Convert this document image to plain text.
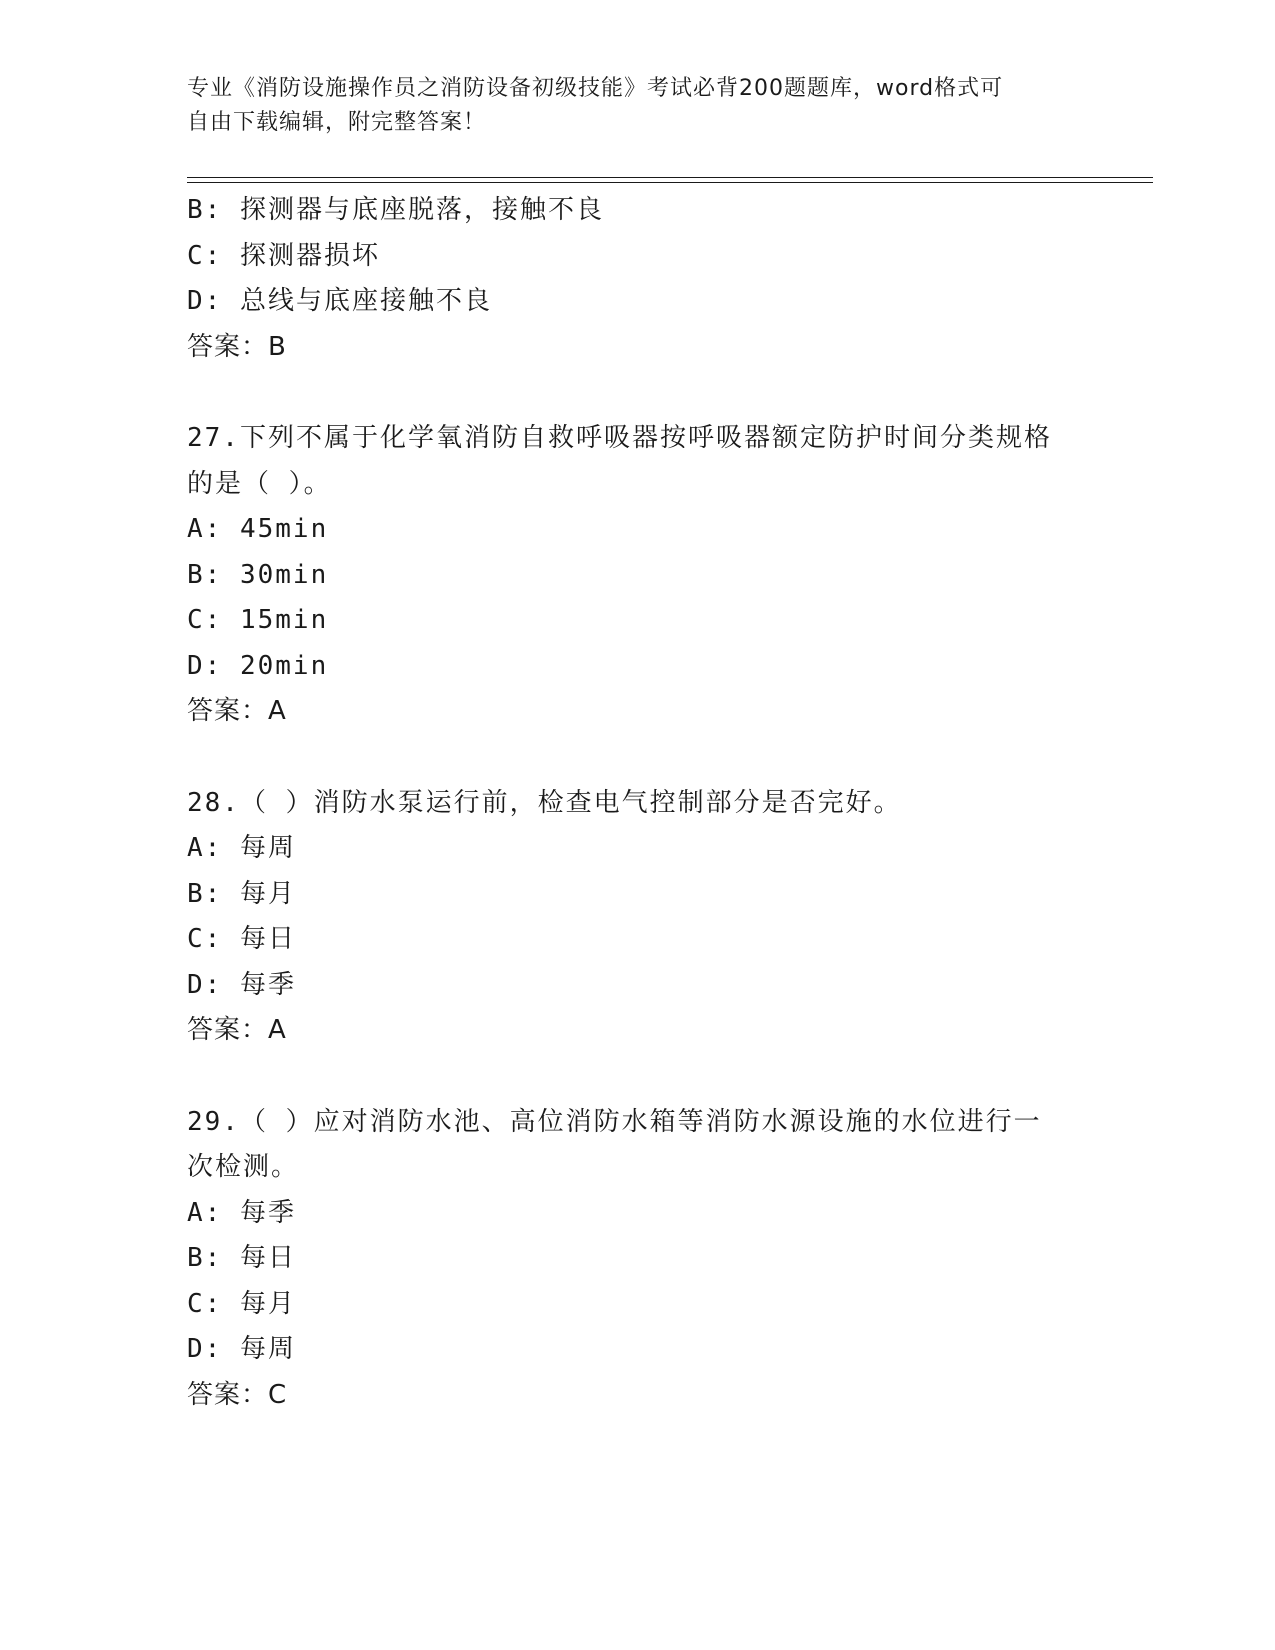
专业《消防设施操作员之消防设备初级技能》考试必背200题题库，word格式可
自由下载编辑，附完整答案！
B: 探测器与底座脱落，接触不良
C: 探测器损坏
D: 总线与底座接触不良
答案：B
27.下列不属于化学氧消防自救呼吸器按呼吸器额定防护时间分类规格
的是（ ）。
A: 45min
B: 30min
C: 15min
D: 20min
答案：A
28.（ ）消防水泵运行前，检查电气控制部分是否完好。
A: 每周
B: 每月
C: 每日
D: 每季
答案：A
29.（ ）应对消防水池、高位消防水箱等消防水源设施的水位进行一
次检测。
A: 每季
B: 每日
C: 每月
D: 每周
答案：C
